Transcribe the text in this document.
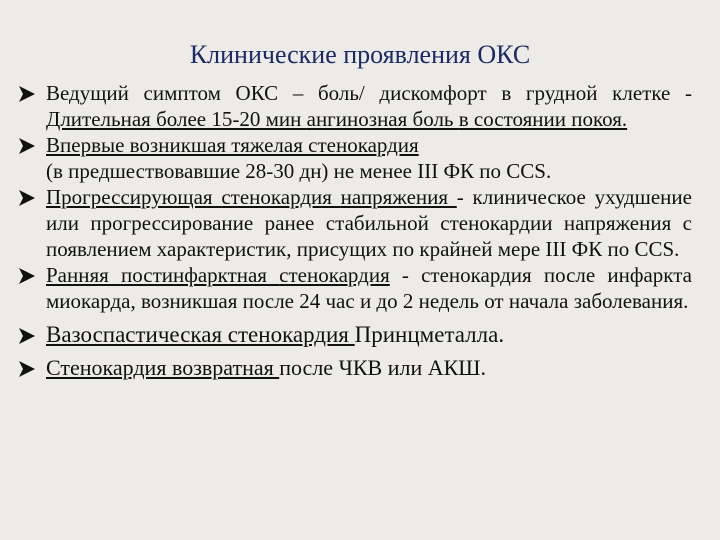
Клинические проявления ОКС
Ведущий симптом ОКС – боль/ дискомфорт в грудной клетке - Длительная более 15-20 мин ангинозная боль в состоянии покоя.
Впервые возникшая тяжелая стенокардия
(в предшествовавшие 28-30 дн) не менее III ФК по CCS.
Прогрессирующая стенокардия напряжения - клиническое ухудшение или прогрессирование ранее стабильной стенокардии напряжения с появлением характеристик, присущих по крайней мере III ФК по CCS.
Ранняя постинфарктная стенокардия - стенокардия после инфаркта миокарда, возникшая после 24 час и до 2 недель от начала заболевания.
Вазоспастическая стенокардия Принцметалла.
Стенокардия возвратная после ЧКВ или АКШ.
